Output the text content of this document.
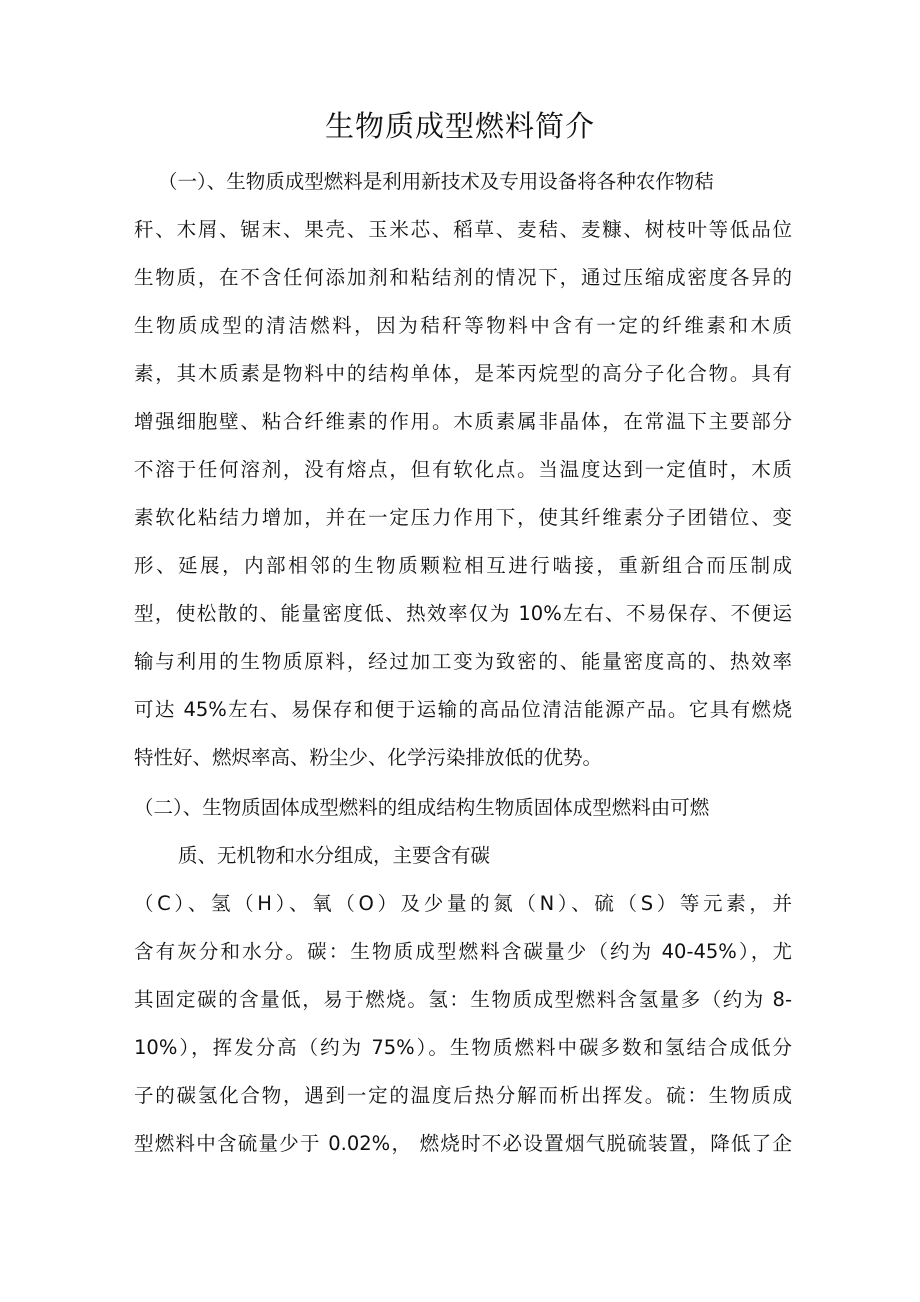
生物质成型燃料简介
（一）、生物质成型燃料是利用新技术及专用设备将各种农作物秸
秆、木屑、锯末、果壳、玉米芯、稻草、麦秸、麦糠、树枝叶等低品位
生物质，在不含任何添加剂和粘结剂的情况下，通过压缩成密度各异的
生物质成型的清洁燃料，因为秸秆等物料中含有一定的纤维素和木质
素，其木质素是物料中的结构单体，是苯丙烷型的高分子化合物。具有
增强细胞壁、粘合纤维素的作用。木质素属非晶体，在常温下主要部分
不溶于任何溶剂，没有熔点，但有软化点。当温度达到一定值时，木质
素软化粘结力增加，并在一定压力作用下，使其纤维素分子团错位、变
形、延展，内部相邻的生物质颗粒相互进行啮接，重新组合而压制成
型，使松散的、能量密度低、热效率仅为 10%左右、不易保存、不便运
输与利用的生物质原料，经过加工变为致密的、能量密度高的、热效率
可达 45%左右、易保存和便于运输的高品位清洁能源产品。它具有燃烧
特性好、燃烬率高、粉尘少、化学污染排放低的优势。
（二）、生物质固体成型燃料的组成结构生物质固体成型燃料由可燃
质、无机物和水分组成，主要含有碳
（C）、氢（H）、氧（O）及少量的氮（N）、硫（S）等元素，并
含有灰分和水分。碳：生物质成型燃料含碳量少（约为 40-45%），尤
其固定碳的含量低，易于燃烧。氢：生物质成型燃料含氢量多（约为 8-
10%），挥发分高（约为 75%）。生物质燃料中碳多数和氢结合成低分
子的碳氢化合物，遇到一定的温度后热分解而析出挥发。硫：生物质成
型燃料中含硫量少于 0.02%， 燃烧时不必设置烟气脱硫装置，降低了企
